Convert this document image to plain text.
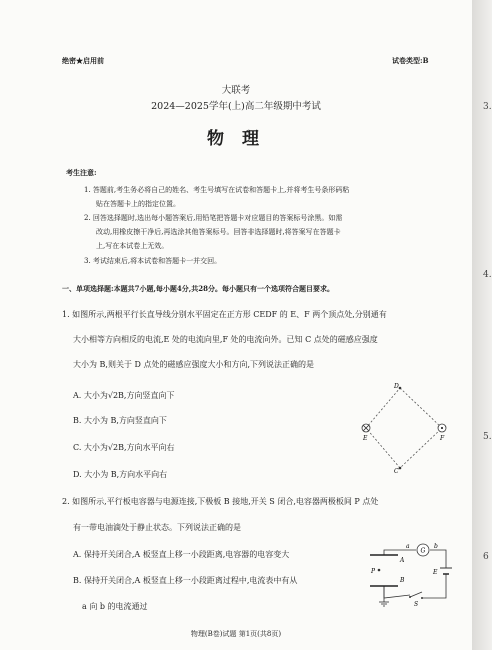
绝密★启用前	试卷类型:B
大联考
2024—2025学年(上)高二年级期中考试
物 理
考生注意:
1. 答题前,考生务必将自己的姓名、考生号填写在试卷和答题卡上,并将考生号条形码粘
贴在答题卡上的指定位置。
2. 回答选择题时,选出每小题答案后,用铅笔把答题卡对应题目的答案标号涂黑。如需
改动,用橡皮擦干净后,再选涂其他答案标号。回答非选择题时,将答案写在答题卡
上,写在本试卷上无效。
3. 考试结束后,将本试卷和答题卡一并交回。
一、单项选择题:本题共7小题,每小题4分,共28分。每小题只有一个选项符合题目要求。
1. 如图所示,两根平行长直导线分别水平固定在正方形 CEDF 的 E、F 两个顶点处,分别通有
大小相等方向相反的电流,E 处的电流向里,F 处的电流向外。已知 C 点处的磁感应强度
大小为 B,则关于 D 点处的磁感应强度大小和方向,下列说法正确的是
A. 大小为√2B,方向竖直向下
B. 大小为 B,方向竖直向下
C. 大小为√2B,方向水平向右
D. 大小为 B,方向水平向右
D
E	F
C
2. 如图所示,平行板电容器与电源连接,下极板 B 接地,开关 S 闭合,电容器两极板间 P 点处
有一带电油滴处于静止状态。下列说法正确的是
A. 保持开关闭合,A 板竖直上移一小段距离,电容器的电容变大
B. 保持开关闭合,A 板竖直上移一小段距离过程中,电流表中有从
a 向 b 的电流通过
G
a	b
A
P
B
E
S
物理(B卷)试题 第1页(共8页)
3.
4.
5.
6
